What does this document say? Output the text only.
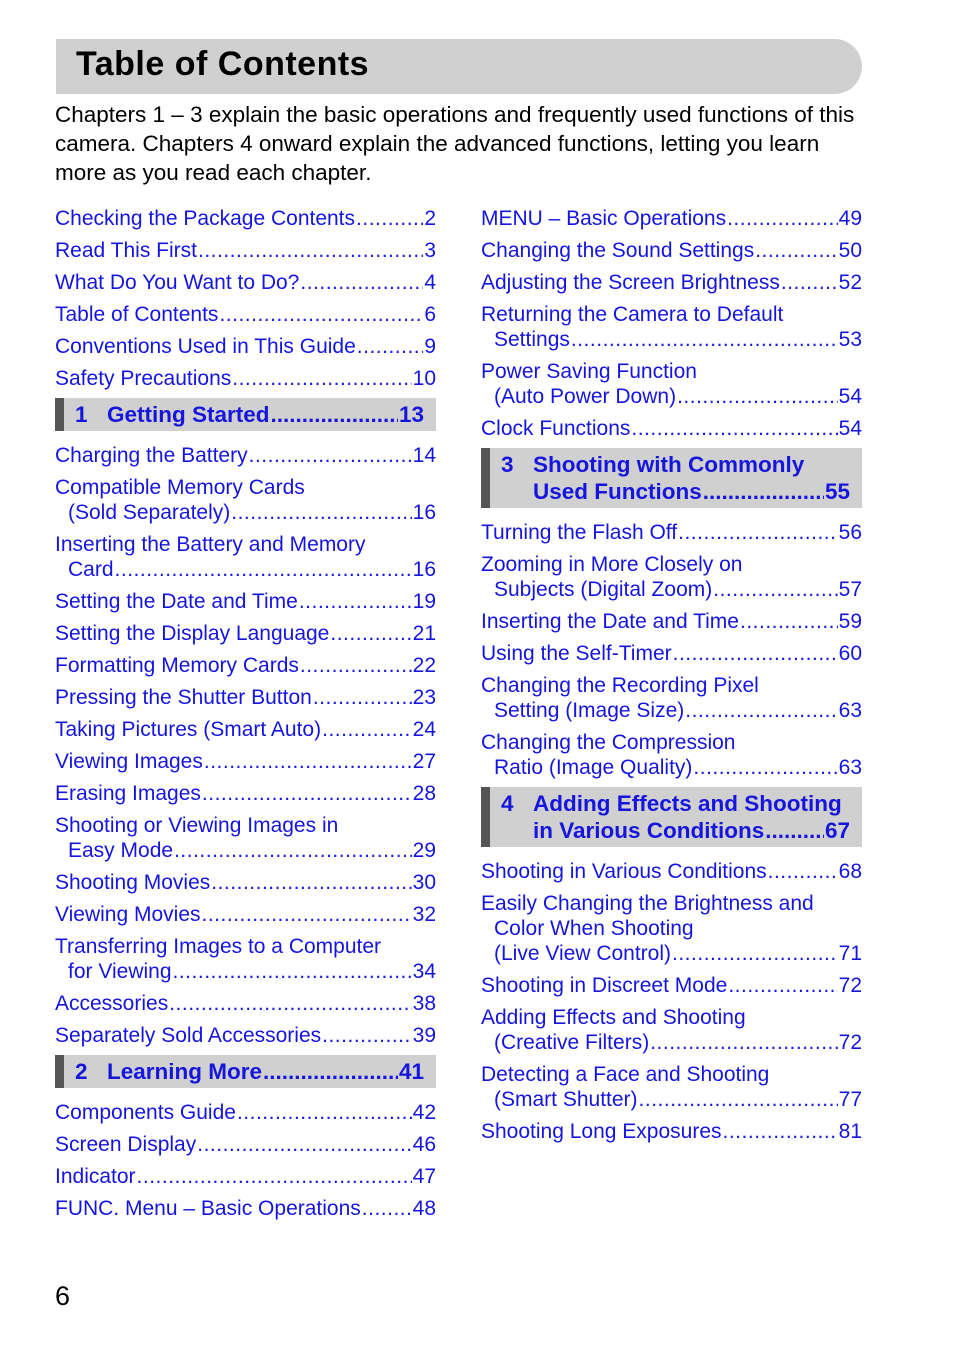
Table of Contents

Chapters 1 – 3 explain the basic operations and frequently used functions of this camera. Chapters 4 onward explain the advanced functions, letting you learn more as you read each chapter.

Checking the Package Contents .....	2
Read This First .....	3
What Do You Want to Do? .....	4
Table of Contents .....	6
Conventions Used in This Guide .....	9
Safety Precautions .....	10
1 Getting Started .....	13
Charging the Battery .....	14
Compatible Memory Cards
(Sold Separately) .....	16
Inserting the Battery and Memory
Card .....	16
Setting the Date and Time .....	19
Setting the Display Language .....	21
Formatting Memory Cards .....	22
Pressing the Shutter Button .....	23
Taking Pictures (Smart Auto) .....	24
Viewing Images .....	27
Erasing Images .....	28
Shooting or Viewing Images in
Easy Mode .....	29
Shooting Movies .....	30
Viewing Movies .....	32
Transferring Images to a Computer
for Viewing .....	34
Accessories .....	38
Separately Sold Accessories .....	39
2 Learning More .....	41
Components Guide .....	42
Screen Display .....	46
Indicator .....	47
FUNC. Menu – Basic Operations ..... 48
MENU – Basic Operations .....	49
Changing the Sound Settings .....	50
Adjusting the Screen Brightness .....	52
Returning the Camera to Default
Settings .....	53
Power Saving Function
(Auto Power Down) .....	54
Clock Functions .....	54
3 Shooting with Commonly
Used Functions .....	55
Turning the Flash Off .....	56
Zooming in More Closely on
Subjects (Digital Zoom) .....	57
Inserting the Date and Time .....	59
Using the Self-Timer .....	60
Changing the Recording Pixel
Setting (Image Size) .....	63
Changing the Compression
Ratio (Image Quality) .....	63
4 Adding Effects and Shooting
in Various Conditions .....	67
Shooting in Various Conditions .....	68
Easily Changing the Brightness and
Color When Shooting
(Live View Control) .....	71
Shooting in Discreet Mode .....	72
Adding Effects and Shooting
(Creative Filters) .....	72
Detecting a Face and Shooting
(Smart Shutter) .....	77
Shooting Long Exposures .....	81

6
